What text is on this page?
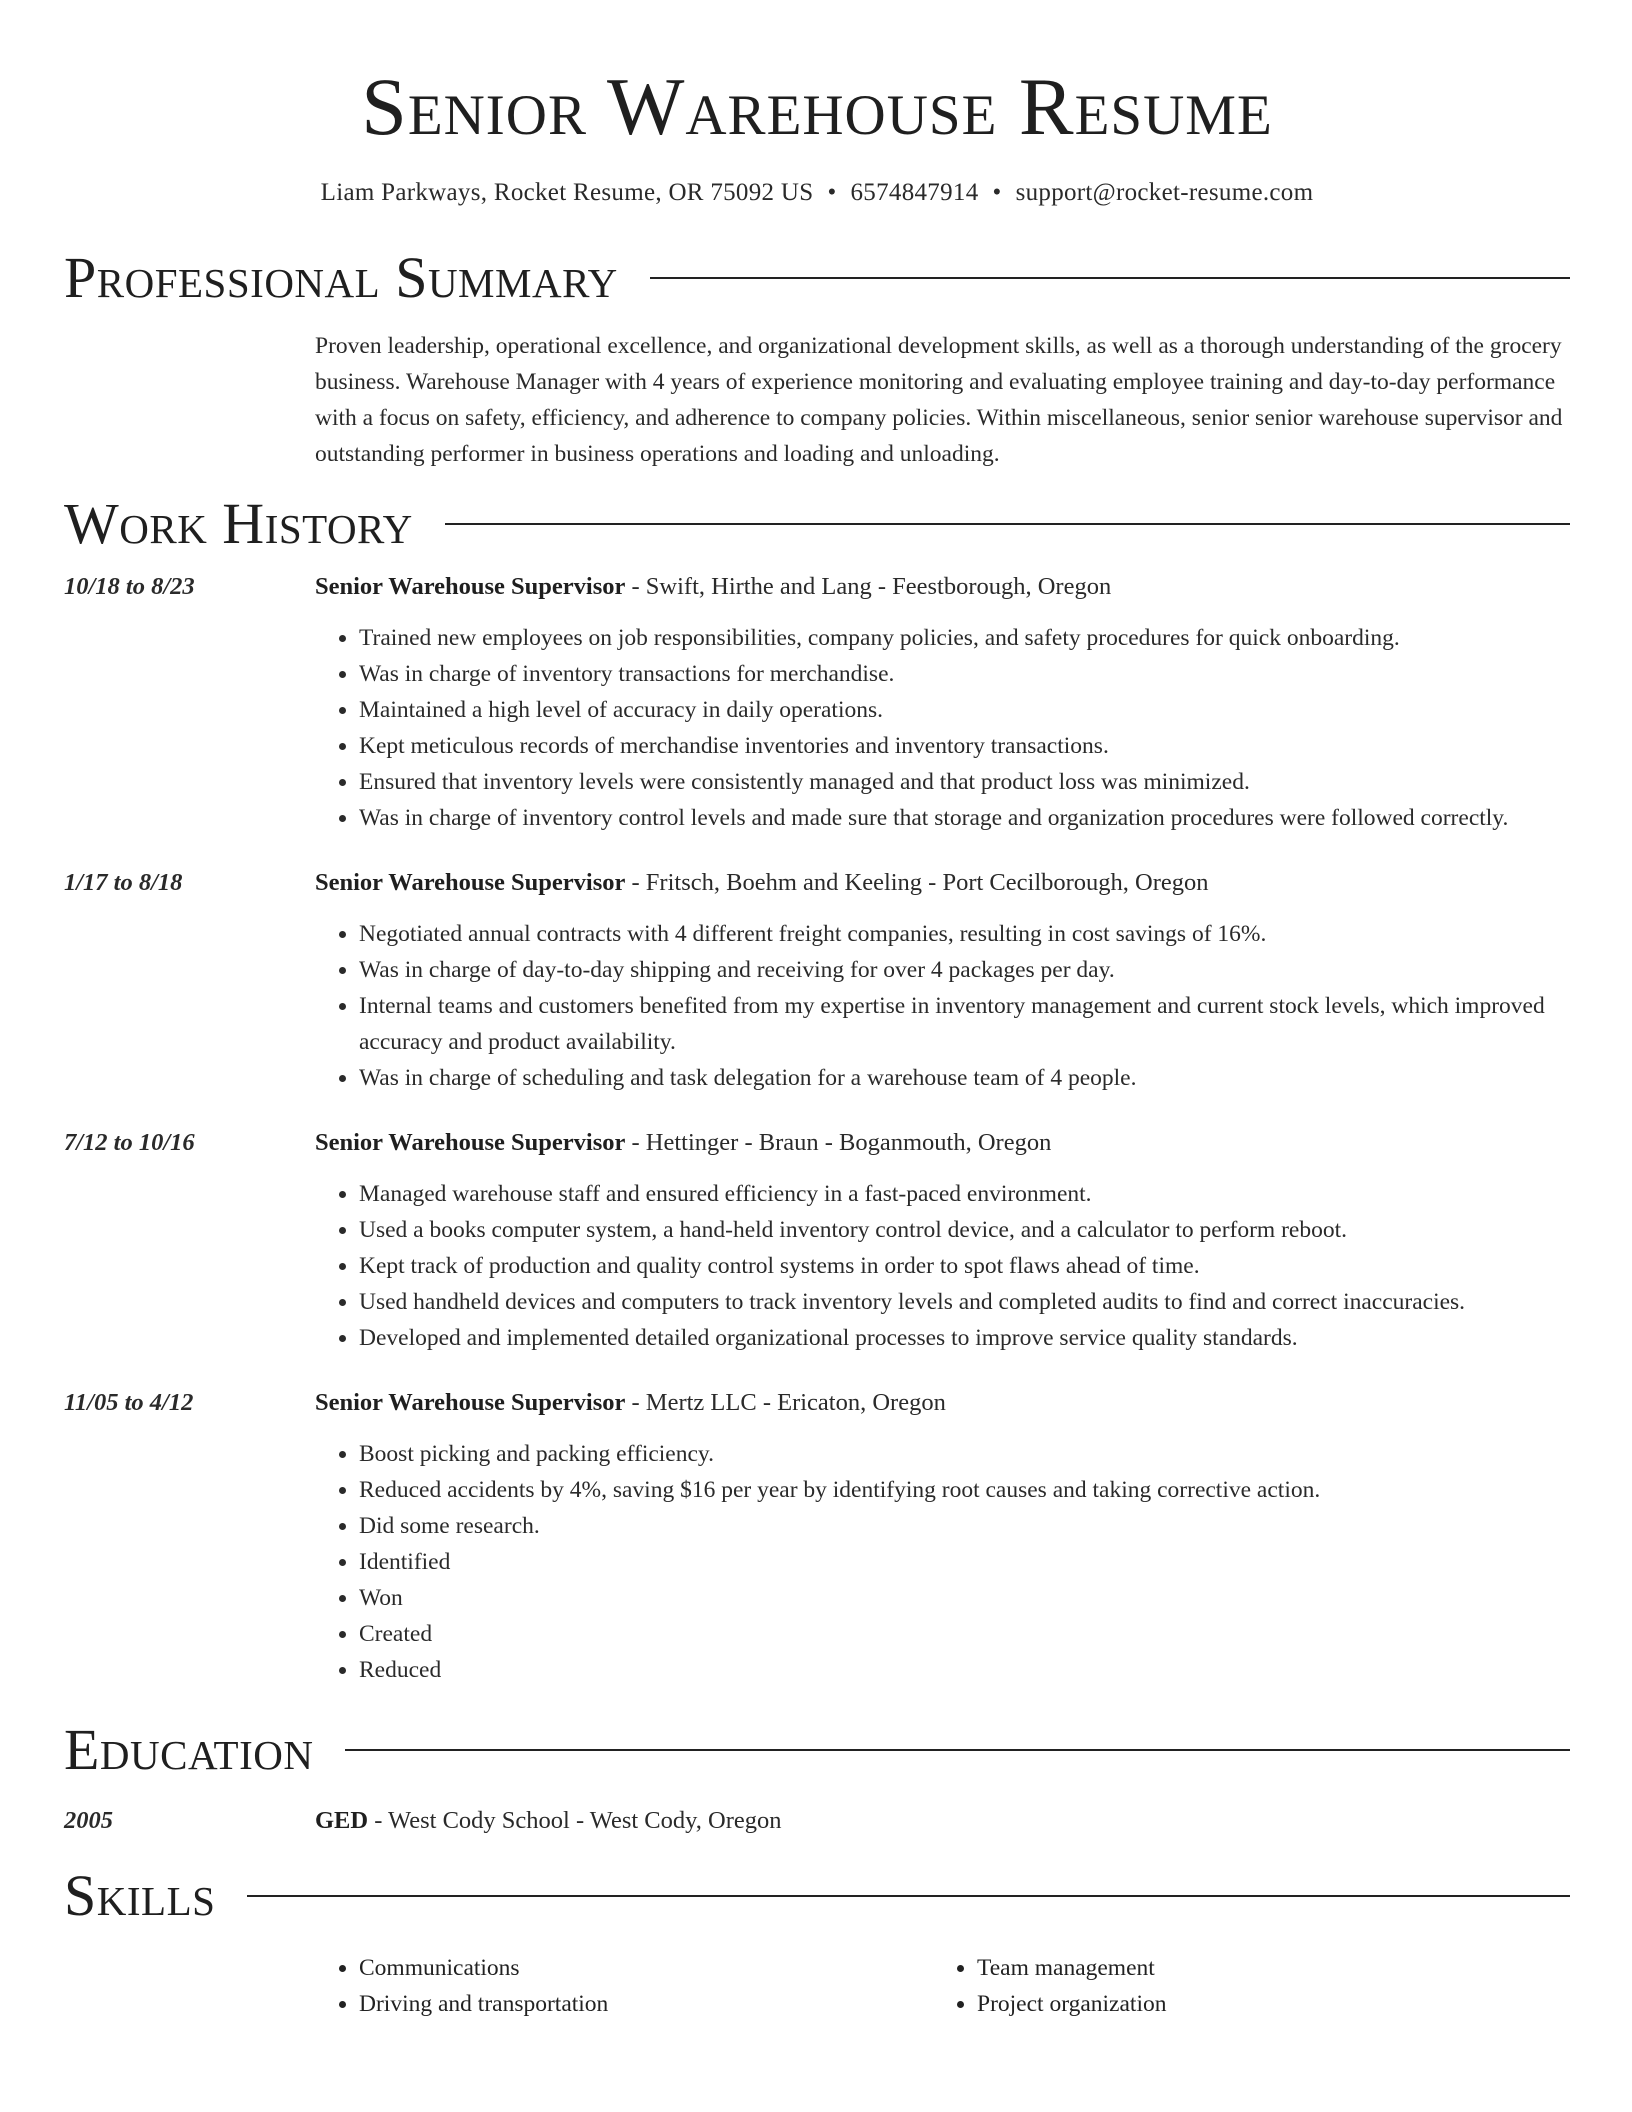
Senior Warehouse Resume
Liam Parkways, Rocket Resume, OR 75092 US • 6574847914 • support@rocket-resume.com
Professional Summary
Proven leadership, operational excellence, and organizational development skills, as well as a thorough understanding of the grocery business. Warehouse Manager with 4 years of experience monitoring and evaluating employee training and day-to-day performance with a focus on safety, efficiency, and adherence to company policies. Within miscellaneous, senior senior warehouse supervisor and outstanding performer in business operations and loading and unloading.
Work History
10/18 to 8/23	Senior Warehouse Supervisor - Swift, Hirthe and Lang - Feestborough, Oregon
• Trained new employees on job responsibilities, company policies, and safety procedures for quick onboarding.
• Was in charge of inventory transactions for merchandise.
• Maintained a high level of accuracy in daily operations.
• Kept meticulous records of merchandise inventories and inventory transactions.
• Ensured that inventory levels were consistently managed and that product loss was minimized.
• Was in charge of inventory control levels and made sure that storage and organization procedures were followed correctly.
1/17 to 8/18	Senior Warehouse Supervisor - Fritsch, Boehm and Keeling - Port Cecilborough, Oregon
• Negotiated annual contracts with 4 different freight companies, resulting in cost savings of 16%.
• Was in charge of day-to-day shipping and receiving for over 4 packages per day.
• Internal teams and customers benefited from my expertise in inventory management and current stock levels, which improved accuracy and product availability.
• Was in charge of scheduling and task delegation for a warehouse team of 4 people.
7/12 to 10/16	Senior Warehouse Supervisor - Hettinger - Braun - Boganmouth, Oregon
• Managed warehouse staff and ensured efficiency in a fast-paced environment.
• Used a books computer system, a hand-held inventory control device, and a calculator to perform reboot.
• Kept track of production and quality control systems in order to spot flaws ahead of time.
• Used handheld devices and computers to track inventory levels and completed audits to find and correct inaccuracies.
• Developed and implemented detailed organizational processes to improve service quality standards.
11/05 to 4/12	Senior Warehouse Supervisor - Mertz LLC - Ericaton, Oregon
• Boost picking and packing efficiency.
• Reduced accidents by 4%, saving $16 per year by identifying root causes and taking corrective action.
• Did some research.
• Identified
• Won
• Created
• Reduced
Education
2005	GED - West Cody School - West Cody, Oregon
Skills
• Communications
• Driving and transportation
• Team management
• Project organization
